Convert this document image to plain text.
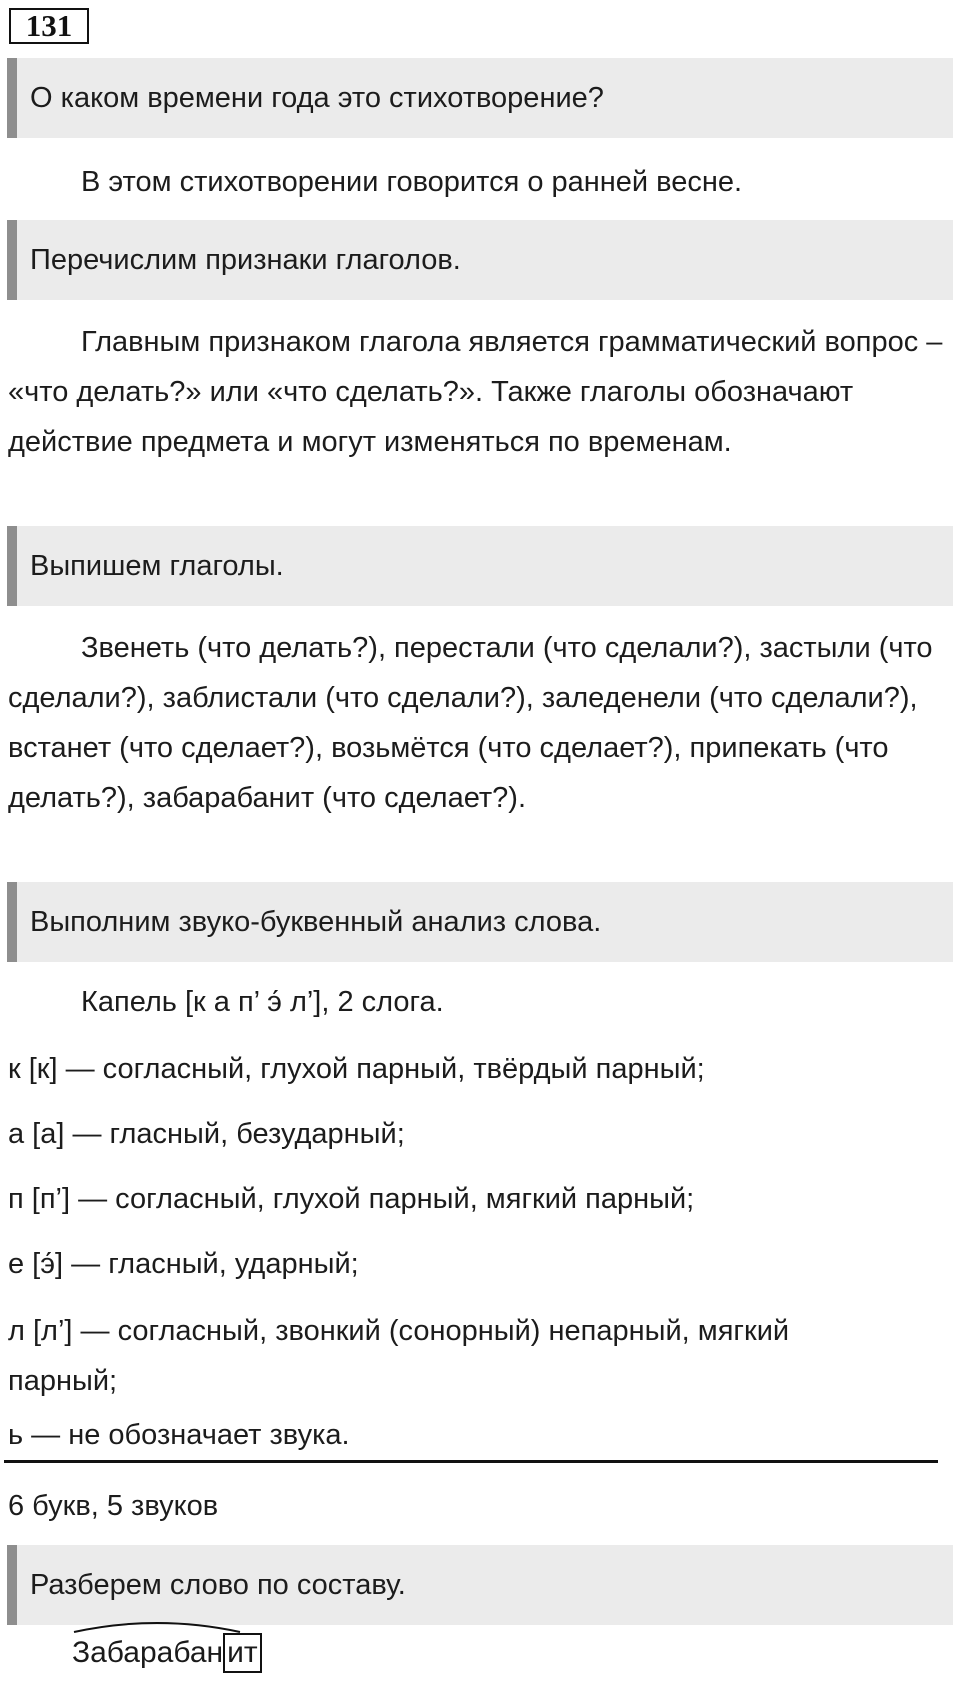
131
О каком времени года это стихотворение?
В этом стихотворении говорится о ранней весне.
Перечислим признаки глаголов.
Главным признаком глагола является грамматический вопрос – «что делать?» или «что сделать?». Также глаголы обозначают действие предмета и могут изменяться по временам.
Выпишем глаголы.
Звенеть (что делать?), перестали (что сделали?), застыли (что сделали?), заблистали (что сделали?), заледенели (что сделали?), встанет (что сделает?), возьмётся (что сделает?), припекать (что делать?), забарабанит (что сделает?).
Выполним звуко-буквенный анализ слова.
Капель [к а п’ э́ л’], 2 слога.
к [к] — согласный, глухой парный, твёрдый парный;
а [а] — гласный, безударный;
п [п’] — согласный, глухой парный, мягкий парный;
е [э́] — гласный, ударный;
л [л’] — согласный, звонкий (сонорный) непарный, мягкий
парный;
ь — не обозначает звука.
6 букв, 5 звуков
Разберем слово по составу.
Забарабан ит
